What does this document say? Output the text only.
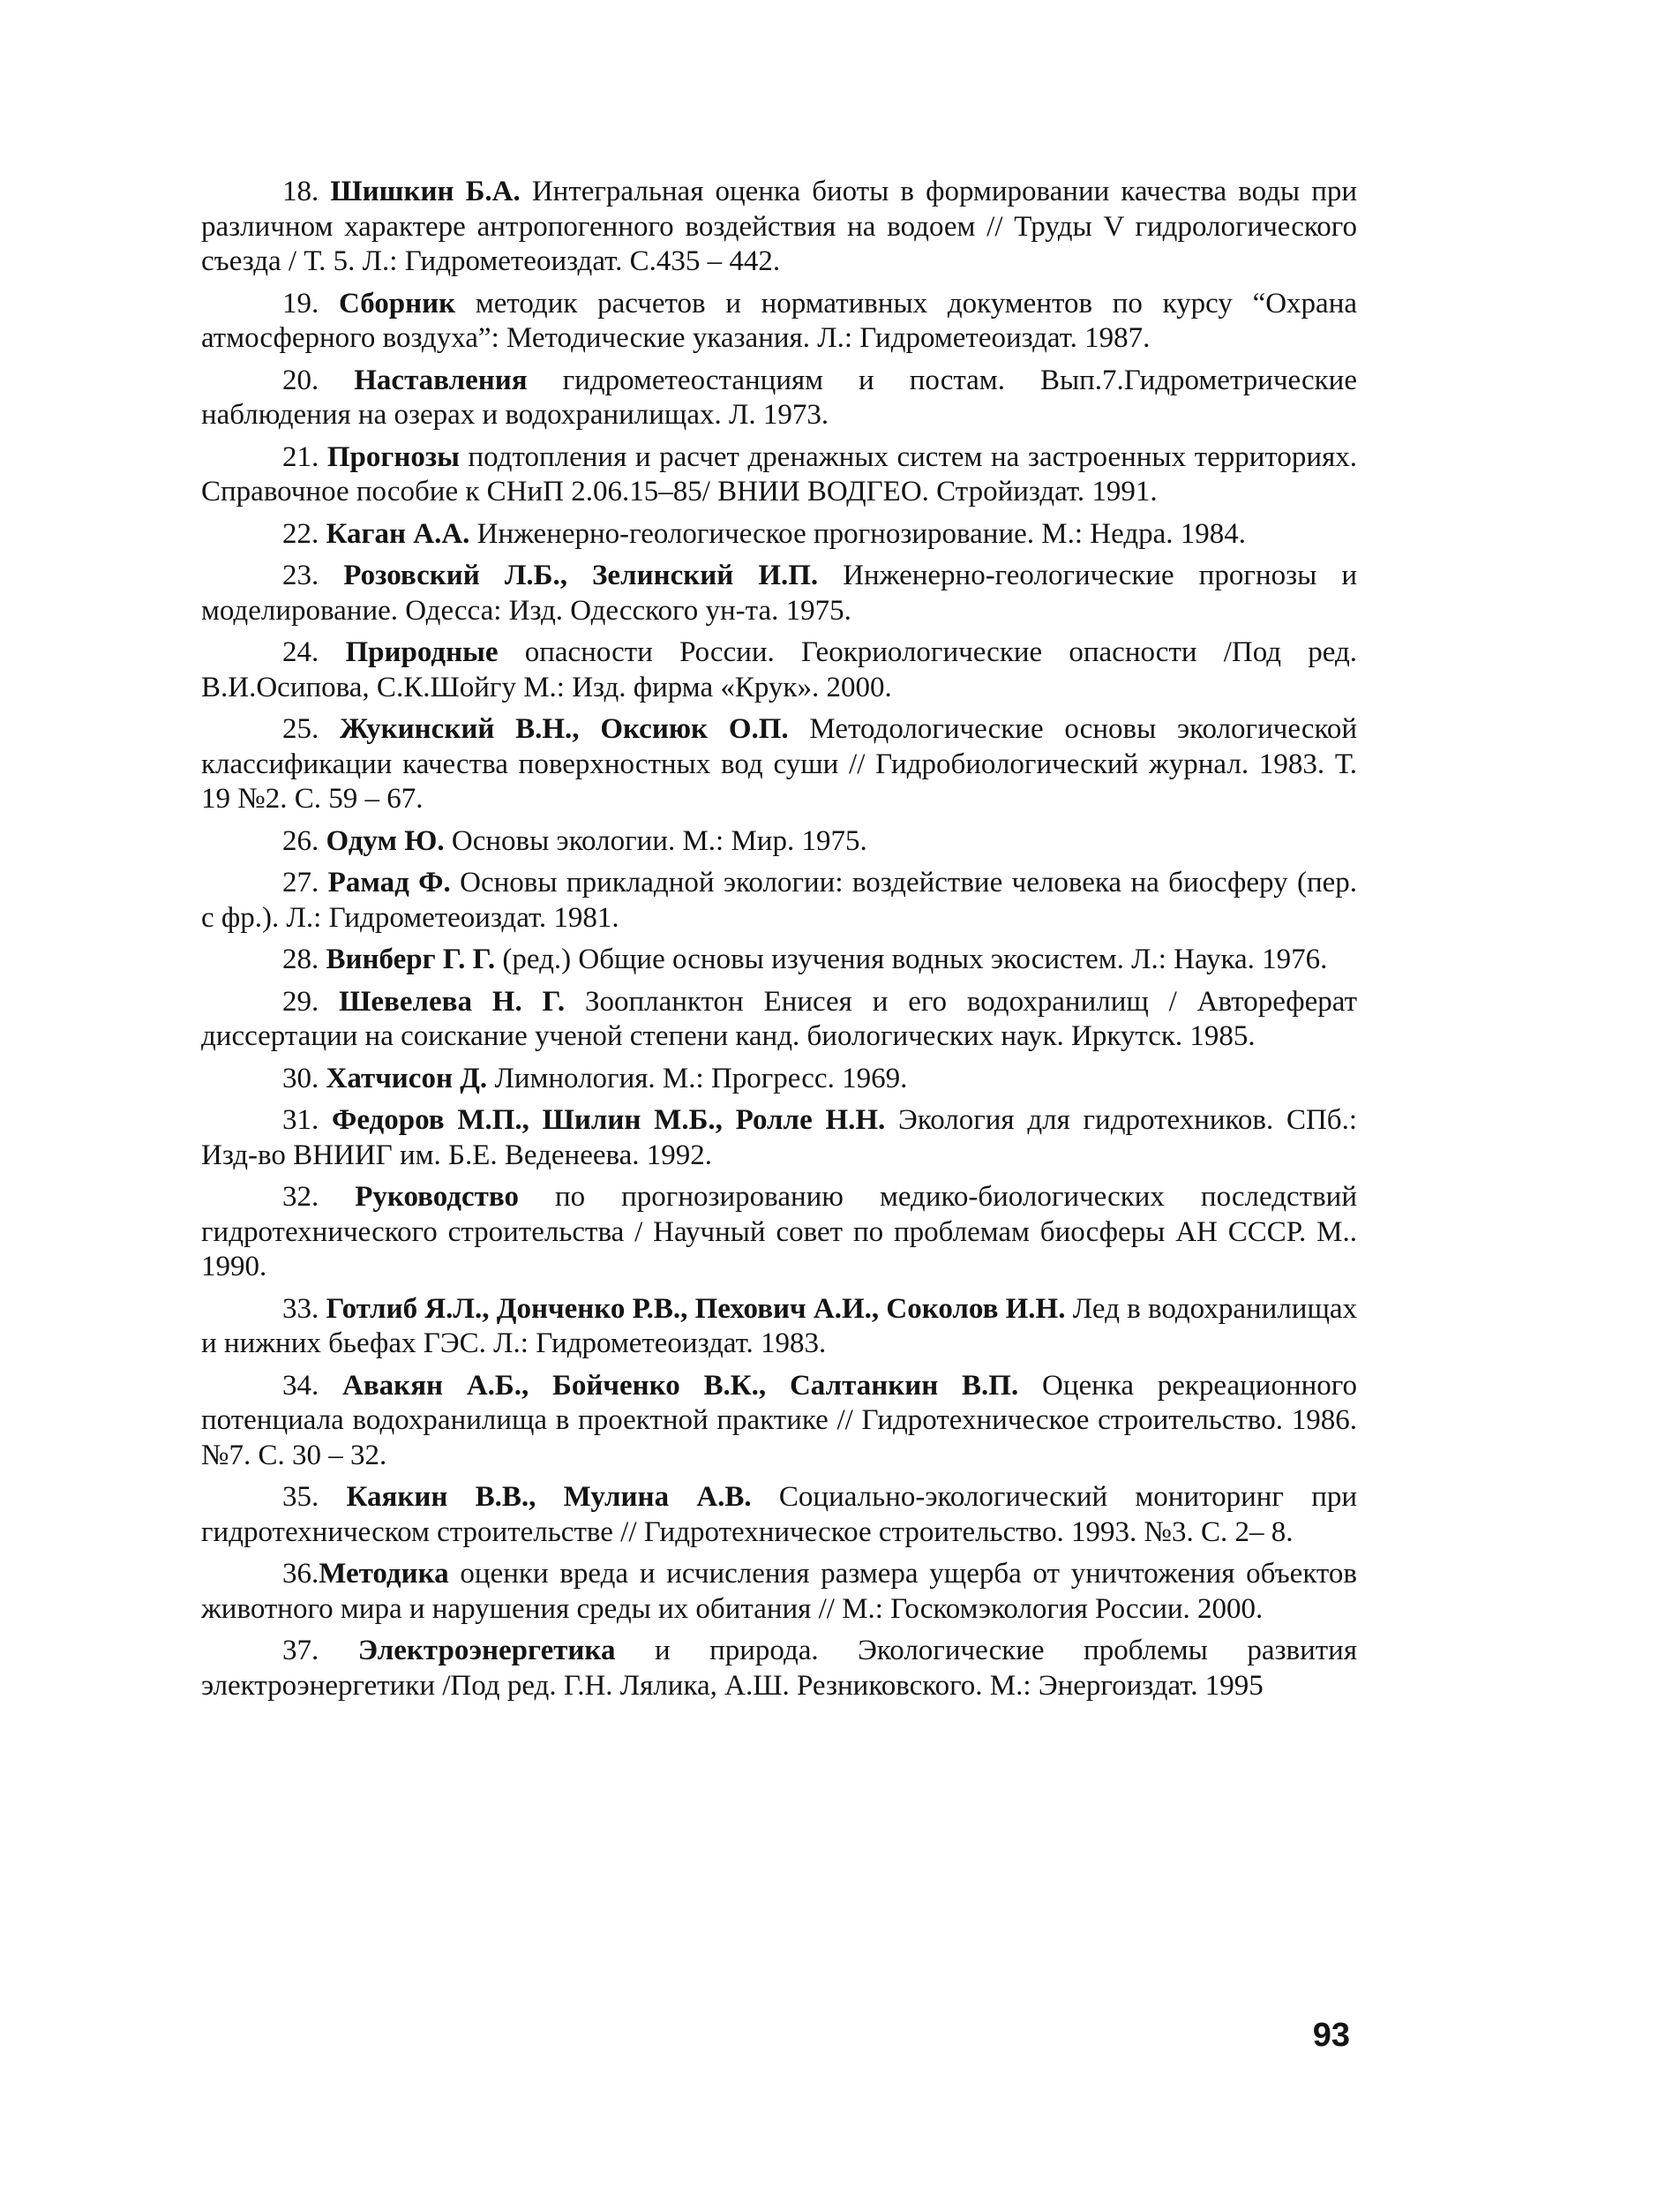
18. Шишкин Б.А. Интегральная оценка биоты в формировании качества воды при различном характере антропогенного воздействия на водоем // Труды V гидрологического съезда / Т. 5. Л.: Гидрометеоиздат. С.435 – 442.

19. Сборник методик расчетов и нормативных документов по курсу “Охрана атмосферного воздуха”: Методические указания. Л.: Гидрометеоиздат. 1987.

20. Наставления гидрометеостанциям и постам. Вып.7.Гидрометрические наблюдения на озерах и водохранилищах. Л. 1973.

21. Прогнозы подтопления и расчет дренажных систем на застроенных территориях. Справочное пособие к СНиП 2.06.15–85/ ВНИИ ВОДГЕО. Стройиздат. 1991.

22. Каган А.А. Инженерно-геологическое прогнозирование. М.: Недра. 1984.

23. Розовский Л.Б., Зелинский И.П. Инженерно-геологические прогнозы и моделирование. Одесса: Изд. Одесского ун-та. 1975.

24. Природные опасности России. Геокриологические опасности /Под ред. В.И.Осипова, С.К.Шойгу М.: Изд. фирма «Крук». 2000.

25. Жукинский В.Н., Оксиюк О.П. Методологические основы экологической классификации качества поверхностных вод суши // Гидробиологический журнал. 1983. Т. 19 №2. С. 59 – 67.

26. Одум Ю. Основы экологии. М.: Мир. 1975.

27. Рамад Ф. Основы прикладной экологии: воздействие человека на биосферу (пер. с фр.). Л.: Гидрометеоиздат. 1981.

28. Винберг Г. Г. (ред.) Общие основы изучения водных экосистем. Л.: Наука. 1976.

29. Шевелева Н. Г. Зоопланктон Енисея и его водохранилищ / Автореферат диссертации на соискание ученой степени канд. биологических наук. Иркутск. 1985.

30. Хатчисон Д. Лимнология. М.: Прогресс. 1969.

31. Федоров М.П., Шилин М.Б., Ролле Н.Н. Экология для гидротехников. СПб.: Изд-во ВНИИГ им. Б.Е. Веденеева. 1992.

32. Руководство по прогнозированию медико-биологических последствий гидротехнического строительства / Научный совет по проблемам биосферы АН СССР. М.. 1990.

33. Готлиб Я.Л., Донченко Р.В., Пехович А.И., Соколов И.Н. Лед в водохранилищах и нижних бьефах ГЭС. Л.: Гидрометеоиздат. 1983.

34. Авакян А.Б., Бойченко В.К., Салтанкин В.П. Оценка рекреационного потенциала водохранилища в проектной практике // Гидротехническое строительство. 1986. №7. С. 30 – 32.

35. Каякин В.В., Мулина А.В. Социально-экологический мониторинг при гидротехническом строительстве // Гидротехническое строительство. 1993. №3. С. 2– 8.

36.Методика оценки вреда и исчисления размера ущерба от уничтожения объектов животного мира и нарушения среды их обитания // М.: Госкомэкология России. 2000.

37. Электроэнергетика и природа. Экологические проблемы развития электроэнергетики /Под ред. Г.Н. Лялика, А.Ш. Резниковского. М.: Энергоиздат. 1995

93
